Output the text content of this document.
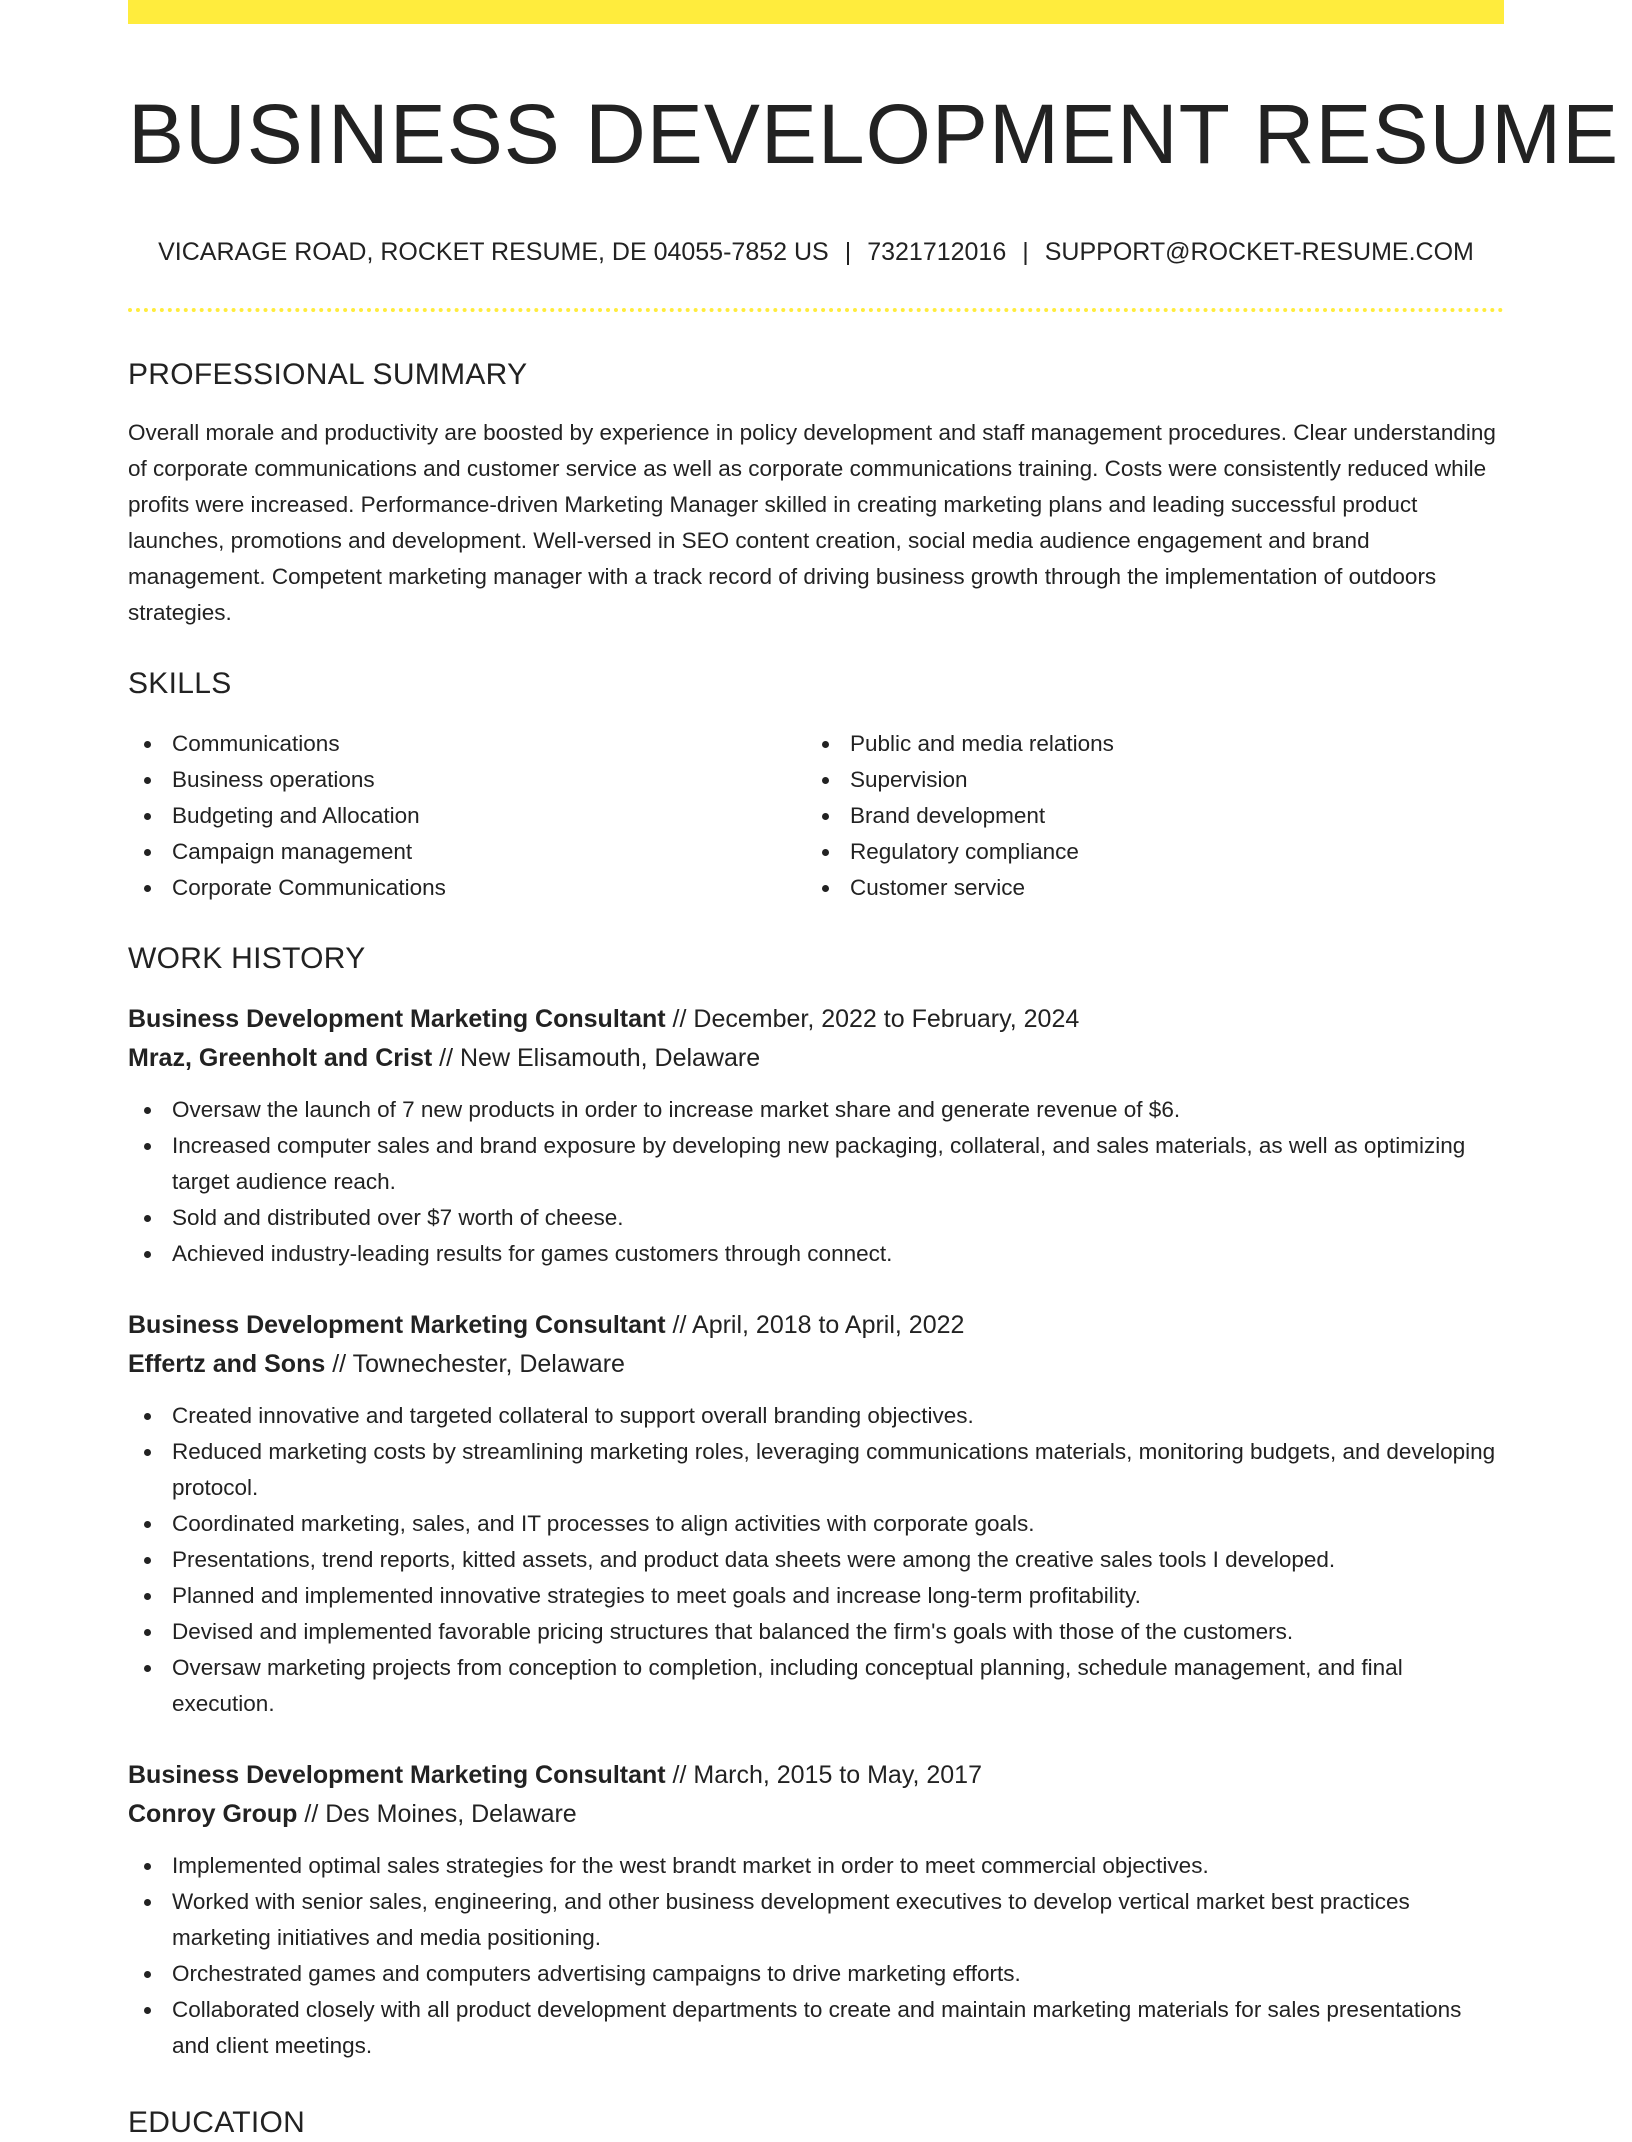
BUSINESS DEVELOPMENT RESUME
VICARAGE ROAD, ROCKET RESUME, DE 04055-7852 US | 7321712016 | SUPPORT@ROCKET-RESUME.COM
PROFESSIONAL SUMMARY

Overall morale and productivity are boosted by experience in policy development and staff management procedures. Clear understanding of corporate communications and customer service as well as corporate communications training. Costs were consistently reduced while profits were increased. Performance-driven Marketing Manager skilled in creating marketing plans and leading successful product launches, promotions and development. Well-versed in SEO content creation, social media audience engagement and brand management. Competent marketing manager with a track record of driving business growth through the implementation of outdoors strategies.

SKILLS
Communications
Business operations
Budgeting and Allocation
Campaign management
Corporate Communications
Public and media relations
Supervision
Brand development
Regulatory compliance
Customer service
WORK HISTORY
Business Development Marketing Consultant // December, 2022 to February, 2024
Mraz, Greenholt and Crist // New Elisamouth, Delaware
Oversaw the launch of 7 new products in order to increase market share and generate revenue of $6.
Increased computer sales and brand exposure by developing new packaging, collateral, and sales materials, as well as optimizing target audience reach.
Sold and distributed over $7 worth of cheese.
Achieved industry-leading results for games customers through connect.
Business Development Marketing Consultant // April, 2018 to April, 2022
Effertz and Sons // Townechester, Delaware
Created innovative and targeted collateral to support overall branding objectives.
Reduced marketing costs by streamlining marketing roles, leveraging communications materials, monitoring budgets, and developing protocol.
Coordinated marketing, sales, and IT processes to align activities with corporate goals.
Presentations, trend reports, kitted assets, and product data sheets were among the creative sales tools I developed.
Planned and implemented innovative strategies to meet goals and increase long-term profitability.
Devised and implemented favorable pricing structures that balanced the firm's goals with those of the customers.
Oversaw marketing projects from conception to completion, including conceptual planning, schedule management, and final execution.
Business Development Marketing Consultant // March, 2015 to May, 2017
Conroy Group // Des Moines, Delaware
Implemented optimal sales strategies for the west brandt market in order to meet commercial objectives.
Worked with senior sales, engineering, and other business development executives to develop vertical market best practices marketing initiatives and media positioning.
Orchestrated games and computers advertising campaigns to drive marketing efforts.
Collaborated closely with all product development departments to create and maintain marketing materials for sales presentations and client meetings.
EDUCATION
